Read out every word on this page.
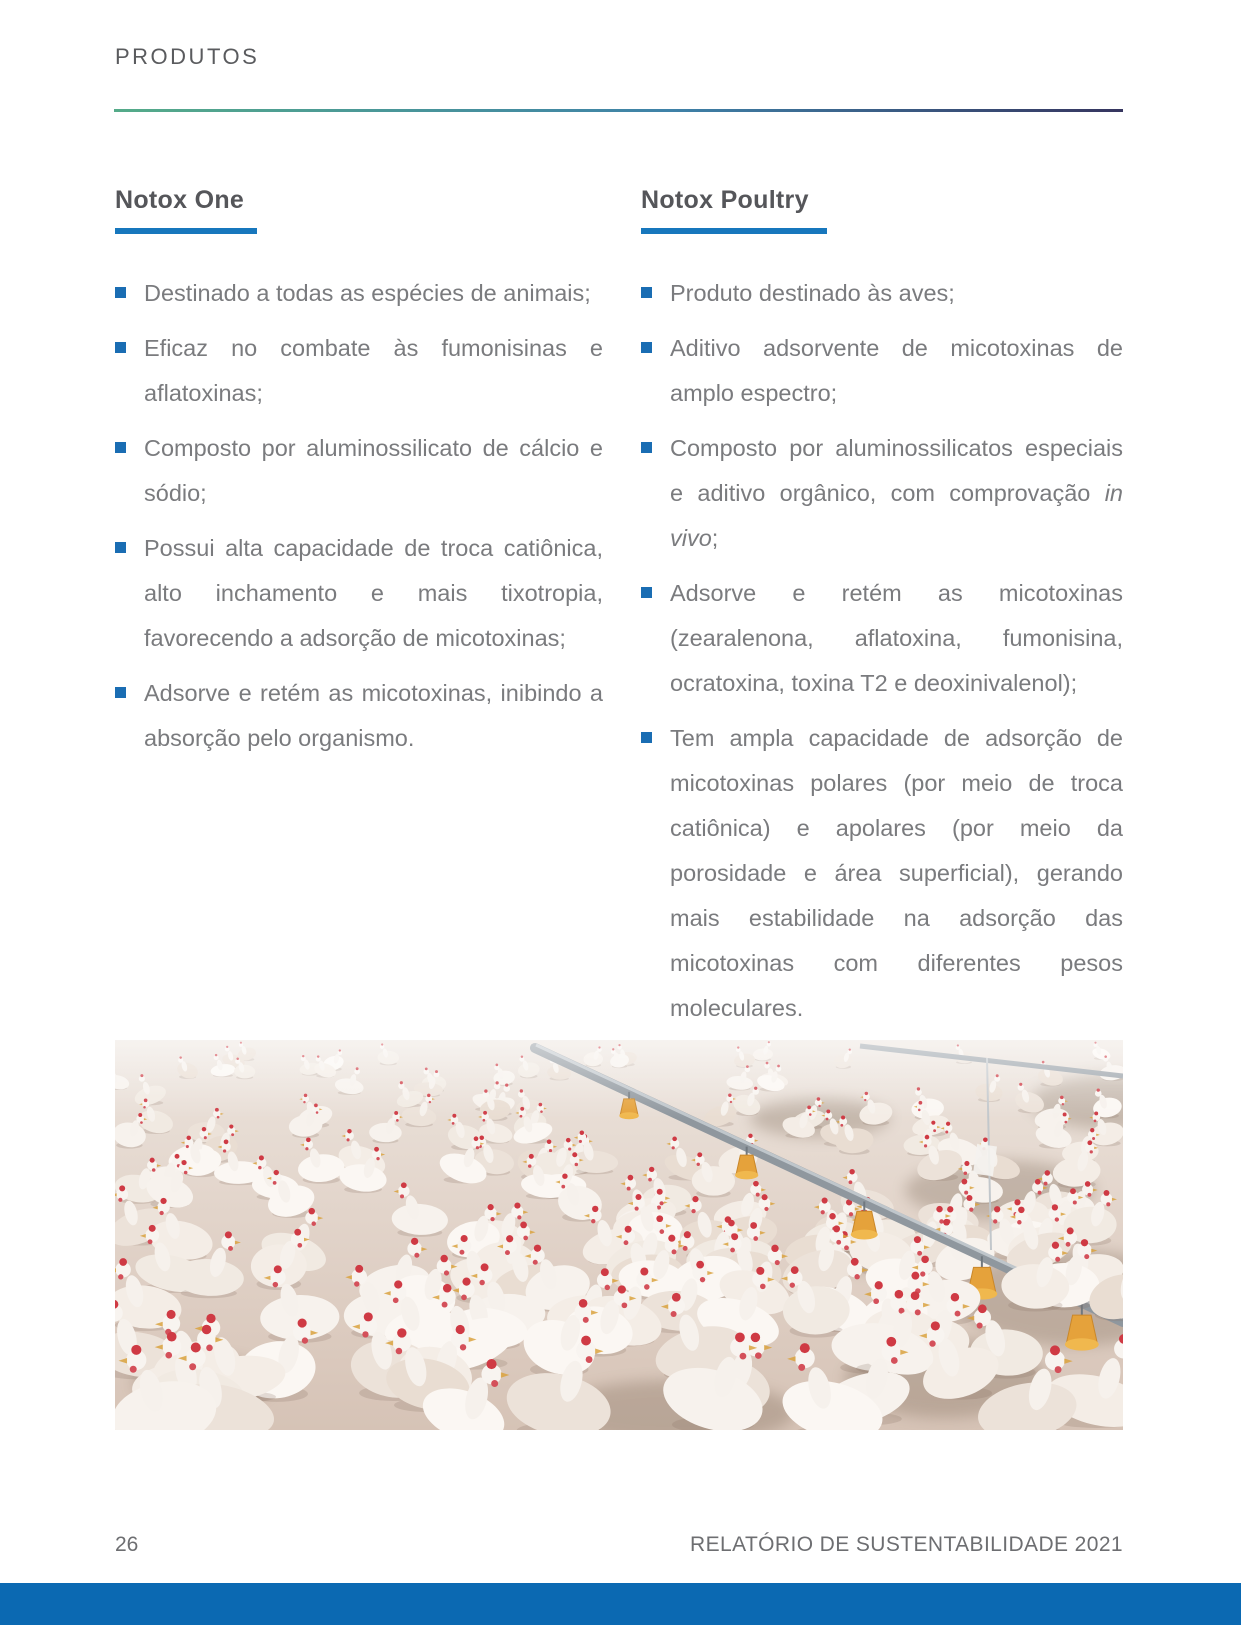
PRODUTOS
Notox One
Destinado a todas as espécies de animais;
Eficaz no combate às fumonisinas e aflatoxinas;
Composto por aluminossilicato de cálcio e sódio;
Possui alta capacidade de troca catiônica, alto inchamento e mais tixotropia, favorecendo a adsorção de micotoxinas;
Adsorve e retém as micotoxinas, inibindo a absorção pelo organismo.
Notox Poultry
Produto destinado às aves;
Aditivo adsorvente de micotoxinas de amplo espectro;
Composto por aluminossilicatos especiais e aditivo orgânico, com comprovação in vivo;
Adsorve e retém as micotoxinas (zearalenona, aflatoxina, fumonisina, ocratoxina, toxina T2 e deoxinivalenol);
Tem ampla capacidade de adsorção de micotoxinas polares (por meio de troca catiônica) e apolares (por meio da porosidade e área superficial), gerando mais estabilidade na adsorção das micotoxinas com diferentes pesos moleculares.
26	RELATÓRIO DE SUSTENTABILIDADE 2021
